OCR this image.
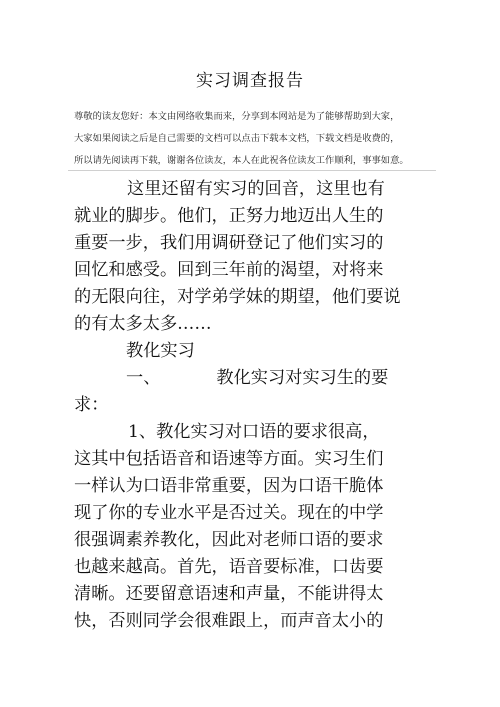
实习调查报告
尊敬的读友您好：本文由网络收集而来，分享到本网站是为了能够帮助到大家，
大家如果阅读之后是自己需要的文档可以点击下载本文档，下载文档是收费的，
所以请先阅读再下载，谢谢各位读友，本人在此祝各位读友工作顺利，事事如意。
这里还留有实习的回音，这里也有
就业的脚步。他们，正努力地迈出人生的
重要一步，我们用调研登记了他们实习的
回忆和感受。回到三年前的渴望，对将来
的无限向往，对学弟学妹的期望，他们要说
的有太多太多……
教化实习
一、	教化实习对实习生的要
求：
1、教化实习对口语的要求很高，
这其中包括语音和语速等方面。实习生们
一样认为口语非常重要，因为口语干脆体
现了你的专业水平是否过关。现在的中学
很强调素养教化，因此对老师口语的要求
也越来越高。首先，语音要标准，口齿要
清晰。还要留意语速和声量，不能讲得太
快，否则同学会很难跟上，而声音太小的
